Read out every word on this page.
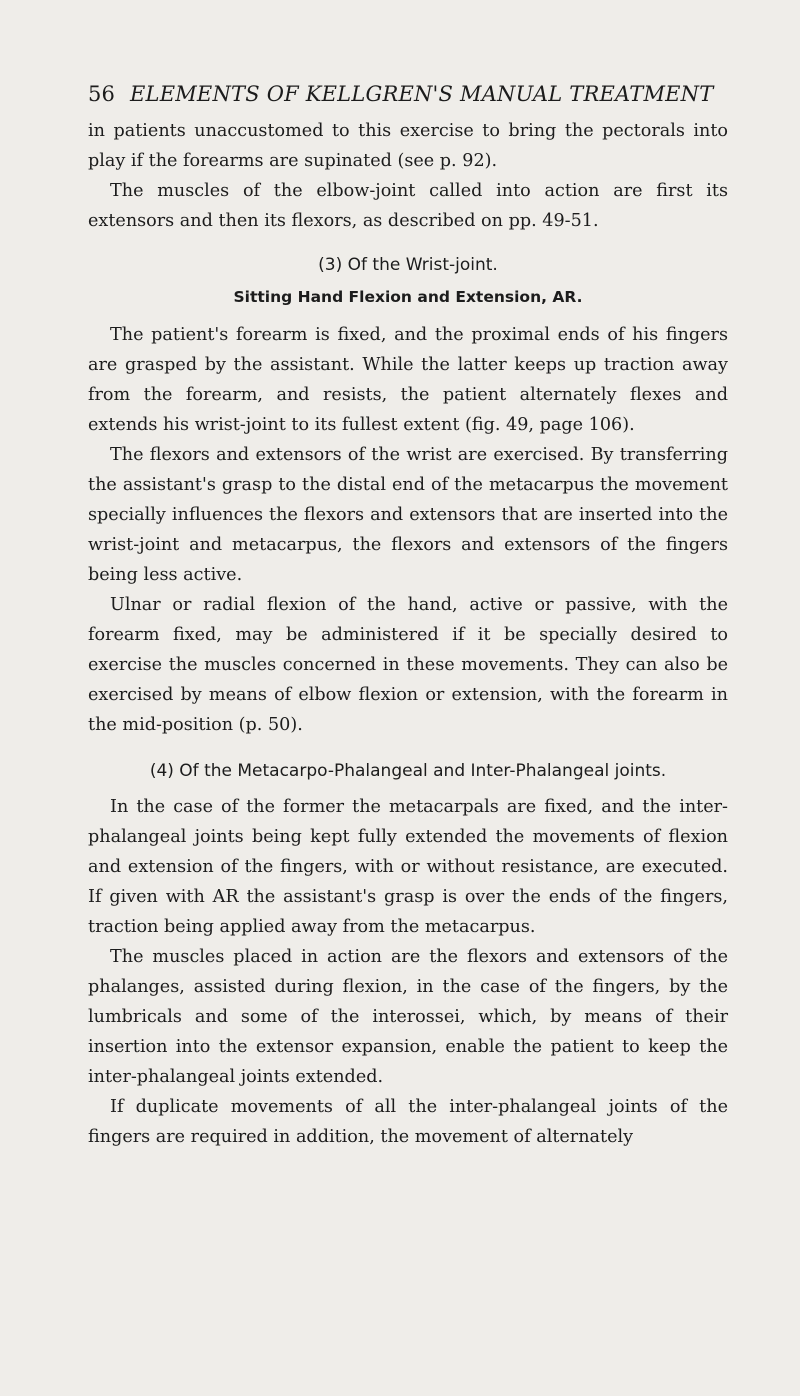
56 ELEMENTS OF KELLGREN'S MANUAL TREATMENT

in patients unaccustomed to this exercise to bring the pectorals into play if the forearms are supinated (see p. 92).

The muscles of the elbow-joint called into action are first its extensors and then its flexors, as described on pp. 49-51.

(3) Of the Wrist-joint.
Sitting Hand Flexion and Extension, AR.

The patient's forearm is fixed, and the proximal ends of his fingers are grasped by the assistant. While the latter keeps up traction away from the forearm, and resists, the patient alternately flexes and extends his wrist-joint to its fullest extent (fig. 49, page 106).

The flexors and extensors of the wrist are exercised. By transferring the assistant's grasp to the distal end of the metacarpus the movement specially influences the flexors and extensors that are inserted into the wrist-joint and metacarpus, the flexors and extensors of the fingers being less active.

Ulnar or radial flexion of the hand, active or passive, with the forearm fixed, may be administered if it be specially desired to exercise the muscles concerned in these movements. They can also be exercised by means of elbow flexion or extension, with the forearm in the mid-position (p. 50).

(4) Of the Metacarpo-Phalangeal and Inter-Phalangeal joints.

In the case of the former the metacarpals are fixed, and the inter-phalangeal joints being kept fully extended the movements of flexion and extension of the fingers, with or without resistance, are executed. If given with AR the assistant's grasp is over the ends of the fingers, traction being applied away from the metacarpus.

The muscles placed in action are the flexors and extensors of the phalanges, assisted during flexion, in the case of the fingers, by the lumbricals and some of the interossei, which, by means of their insertion into the extensor expansion, enable the patient to keep the inter-phalangeal joints extended.

If duplicate movements of all the inter-phalangeal joints of the fingers are required in addition, the movement of alternately
